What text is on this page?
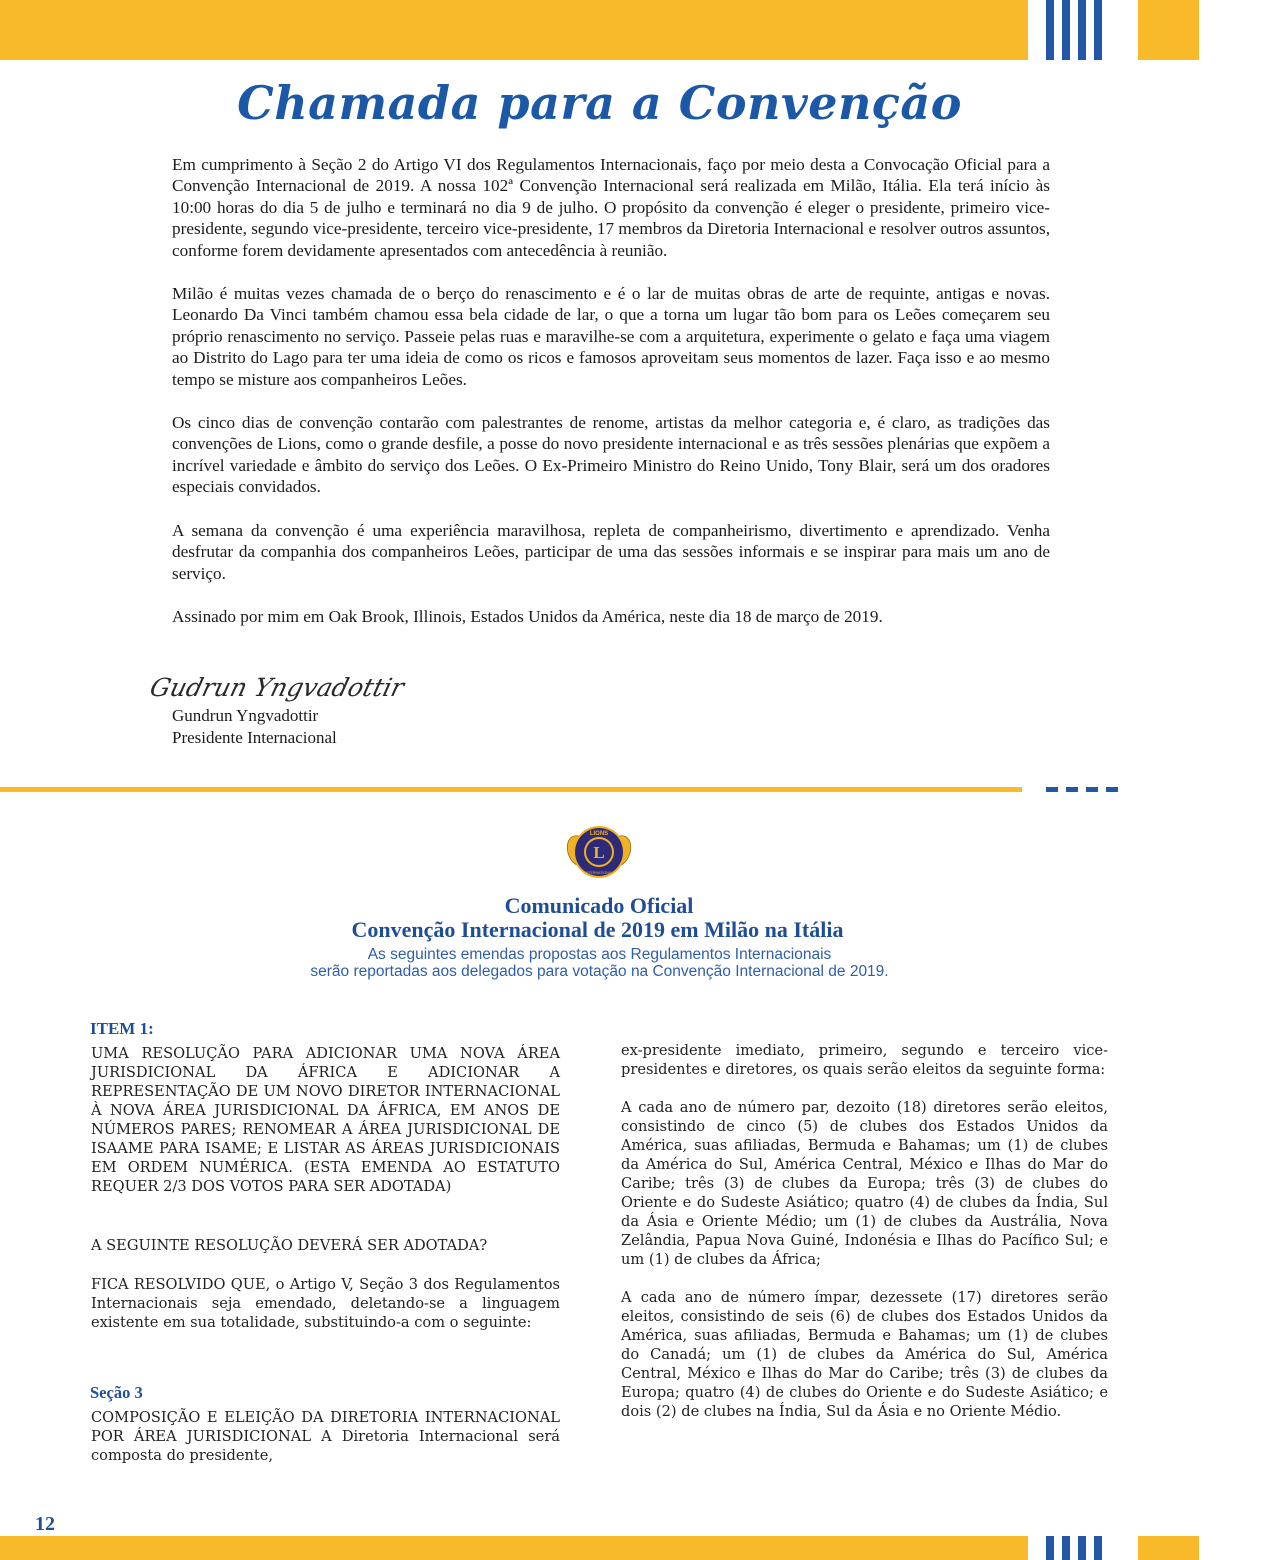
Chamada para a Convenção

Em cumprimento à Seção 2 do Artigo VI dos Regulamentos Internacionais, faço por meio desta a Convocação Oficial para a Convenção Internacional de 2019. A nossa 102ª Convenção Internacional será realizada em Milão, Itália. Ela terá início às 10:00 horas do dia 5 de julho e terminará no dia 9 de julho. O propósito da convenção é eleger o presidente, primeiro vice-presidente, segundo vice-presidente, terceiro vice-presidente, 17 membros da Diretoria Internacional e resolver outros assuntos, conforme forem devidamente apresentados com antecedência à reunião.

Milão é muitas vezes chamada de o berço do renascimento e é o lar de muitas obras de arte de requinte, antigas e novas. Leonardo Da Vinci também chamou essa bela cidade de lar, o que a torna um lugar tão bom para os Leões começarem seu próprio renascimento no serviço. Passeie pelas ruas e maravilhe-se com a arquitetura, experimente o gelato e faça uma viagem ao Distrito do Lago para ter uma ideia de como os ricos e famosos aproveitam seus momentos de lazer. Faça isso e ao mesmo tempo se misture aos companheiros Leões.

Os cinco dias de convenção contarão com palestrantes de renome, artistas da melhor categoria e, é claro, as tradições das convenções de Lions, como o grande desfile, a posse do novo presidente internacional e as três sessões plenárias que expõem a incrível variedade e âmbito do serviço dos Leões. O Ex-Primeiro Ministro do Reino Unido, Tony Blair, será um dos oradores especiais convidados.

A semana da convenção é uma experiência maravilhosa, repleta de companheirismo, divertimento e aprendizado. Venha desfrutar da companhia dos companheiros Leões, participar de uma das sessões informais e se inspirar para mais um ano de serviço.

Assinado por mim em Oak Brook, Illinois, Estados Unidos da América, neste dia 18 de março de 2019.

Gudrun Yngvadottir
Gundrun Yngvadottir
Presidente Internacional
L
LIONS
INTERNATIONAL
Comunicado Oficial
Convenção Internacional de 2019 em Milão na Itália
As seguintes emendas propostas aos Regulamentos Internacionais
serão reportadas aos delegados para votação na Convenção Internacional de 2019.
ITEM 1:

UMA RESOLUÇÃO PARA ADICIONAR UMA NOVA ÁREA JURISDICIONAL DA ÁFRICA E ADICIONAR A REPRESENTAÇÃO DE UM NOVO DIRETOR INTERNACIONAL À NOVA ÁREA JURISDICIONAL DA ÁFRICA, EM ANOS DE NÚMEROS PARES; RENOMEAR A ÁREA JURISDICIONAL DE ISAAME PARA ISAME; E LISTAR AS ÁREAS JURISDICIONAIS EM ORDEM NUMÉRICA. (ESTA EMENDA AO ESTATUTO REQUER 2/3 DOS VOTOS PARA SER ADOTADA)

A SEGUINTE RESOLUÇÃO DEVERÁ SER ADOTADA?

FICA RESOLVIDO QUE, o Artigo V, Seção 3 dos Regulamentos Internacionais seja emendado, deletando-se a linguagem existente em sua totalidade, substituindo-a com o seguinte:

Seção 3

COMPOSIÇÃO E ELEIÇÃO DA DIRETORIA INTERNACIONAL POR ÁREA JURISDICIONAL A Diretoria Internacional será composta do presidente,

ex-presidente imediato, primeiro, segundo e terceiro vice-presidentes e diretores, os quais serão eleitos da seguinte forma:

A cada ano de número par, dezoito (18) diretores serão eleitos, consistindo de cinco (5) de clubes dos Estados Unidos da América, suas afiliadas, Bermuda e Bahamas; um (1) de clubes da América do Sul, América Central, México e Ilhas do Mar do Caribe; três (3) de clubes da Europa; três (3) de clubes do Oriente e do Sudeste Asiático; quatro (4) de clubes da Índia, Sul da Ásia e Oriente Médio; um (1) de clubes da Austrália, Nova Zelândia, Papua Nova Guiné, Indonésia e Ilhas do Pacífico Sul; e um (1) de clubes da África;

A cada ano de número ímpar, dezessete (17) diretores serão eleitos, consistindo de seis (6) de clubes dos Estados Unidos da América, suas afiliadas, Bermuda e Bahamas; um (1) de clubes do Canadá; um (1) de clubes da América do Sul, América Central, México e Ilhas do Mar do Caribe; três (3) de clubes da Europa; quatro (4) de clubes do Oriente e do Sudeste Asiático; e dois (2) de clubes na Índia, Sul da Ásia e no Oriente Médio.

12
